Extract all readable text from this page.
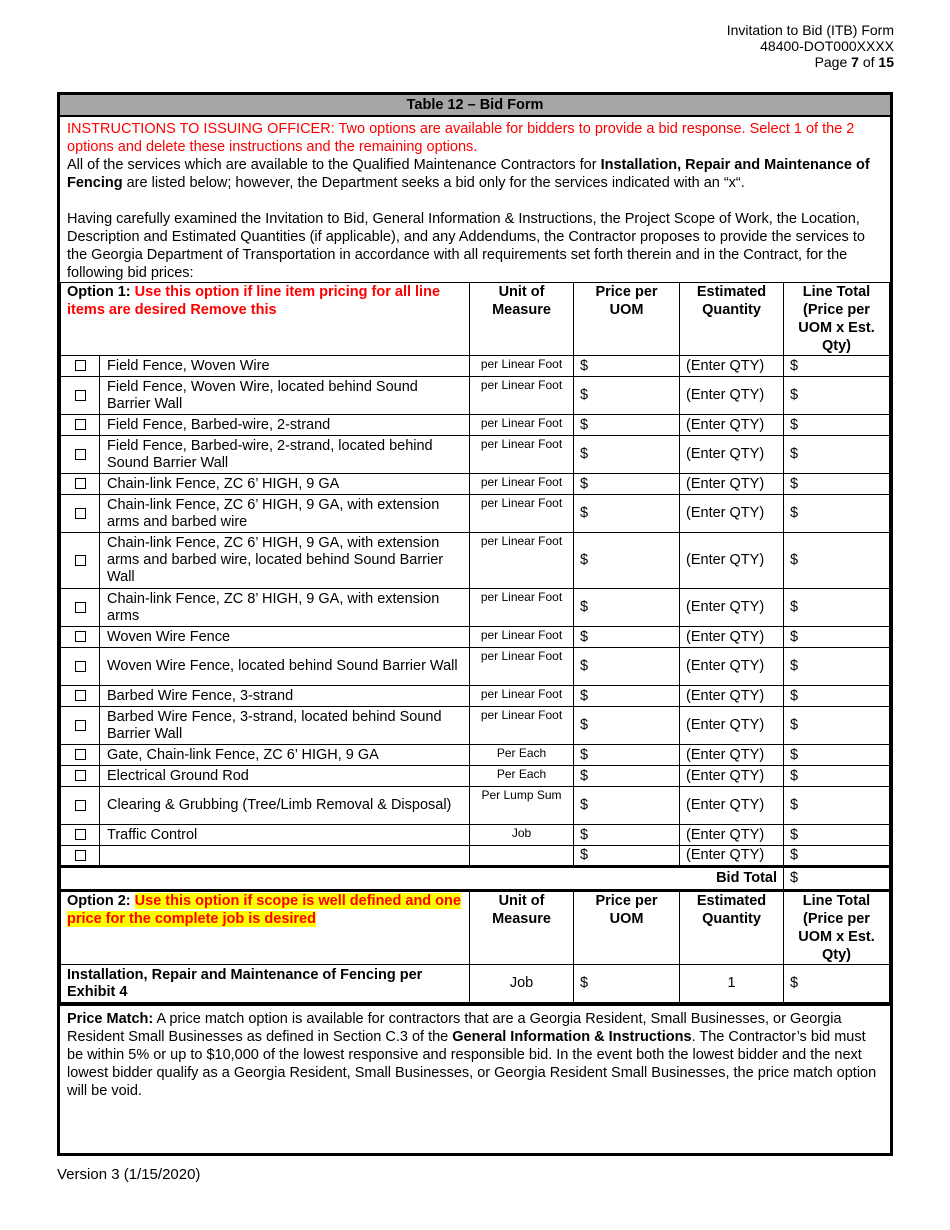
Invitation to Bid (ITB) Form
48400-DOT000XXXX
Page 7 of 15
Table 12 – Bid Form
INSTRUCTIONS TO ISSUING OFFICER: Two options are available for bidders to provide a bid response. Select 1 of the 2 options and delete these instructions and the remaining options.
All of the services which are available to the Qualified Maintenance Contractors for Installation, Repair and Maintenance of Fencing are listed below; however, the Department seeks a bid only for the services indicated with an “x“.
Having carefully examined the Invitation to Bid, General Information & Instructions, the Project Scope of Work, the Location, Description and Estimated Quantities (if applicable), and any Addendums, the Contractor proposes to provide the services to the Georgia Department of Transportation in accordance with all requirements set forth therein and in the Contract, for the following bid prices:
Option 1: Use this option if line item pricing for all line items are desired Remove this		Unit of Measure	Price per UOM	Estimated Quantity	Line Total (Price per UOM x Est. Qty)
	Field Fence, Woven Wire	per Linear Foot	$	(Enter QTY)	$
	Field Fence, Woven Wire, located behind Sound Barrier Wall	per Linear Foot	$	(Enter QTY)	$
	Field Fence, Barbed-wire, 2-strand	per Linear Foot	$	(Enter QTY)	$
	Field Fence, Barbed-wire, 2-strand, located behind Sound Barrier Wall	per Linear Foot	$	(Enter QTY)	$
	Chain-link Fence, ZC 6’ HIGH, 9 GA	per Linear Foot	$	(Enter QTY)	$
	Chain-link Fence, ZC 6’ HIGH, 9 GA, with extension arms and barbed wire	per Linear Foot	$	(Enter QTY)	$
	Chain-link Fence, ZC 6’ HIGH, 9 GA, with extension arms and barbed wire, located behind Sound Barrier Wall	per Linear Foot	$	(Enter QTY)	$
	Chain-link Fence, ZC 8’ HIGH, 9 GA, with extension arms	per Linear Foot	$	(Enter QTY)	$
	Woven Wire Fence	per Linear Foot	$	(Enter QTY)	$
	Woven Wire Fence, located behind Sound Barrier Wall	per Linear Foot	$	(Enter QTY)	$
	Barbed Wire Fence, 3-strand	per Linear Foot	$	(Enter QTY)	$
	Barbed Wire Fence, 3-strand, located behind Sound Barrier Wall	per Linear Foot	$	(Enter QTY)	$
	Gate, Chain-link Fence, ZC 6’ HIGH, 9 GA	Per Each	$	(Enter QTY)	$
	Electrical Ground Rod	Per Each	$	(Enter QTY)	$
	Clearing & Grubbing (Tree/Limb Removal & Disposal)	Per Lump Sum	$	(Enter QTY)	$
	Traffic Control	Job	$	(Enter QTY)	$
			$	(Enter QTY)	$
Bid Total					$
Option 2: Use this option if scope is well defined and one price for the complete job is desired		Unit of Measure	Price per UOM	Estimated Quantity	Line Total (Price per UOM x Est. Qty)
Installation, Repair and Maintenance of Fencing per Exhibit 4		Job	$	1	$
Price Match: A price match option is available for contractors that are a Georgia Resident, Small Businesses, or Georgia Resident Small Businesses as defined in Section C.3 of the General Information & Instructions. The Contractor’s bid must be within 5% or up to $10,000 of the lowest responsive and responsible bid. In the event both the lowest bidder and the next lowest bidder qualify as a Georgia Resident, Small Businesses, or Georgia Resident Small Businesses, the price match option will be void.
Version 3 (1/15/2020)
